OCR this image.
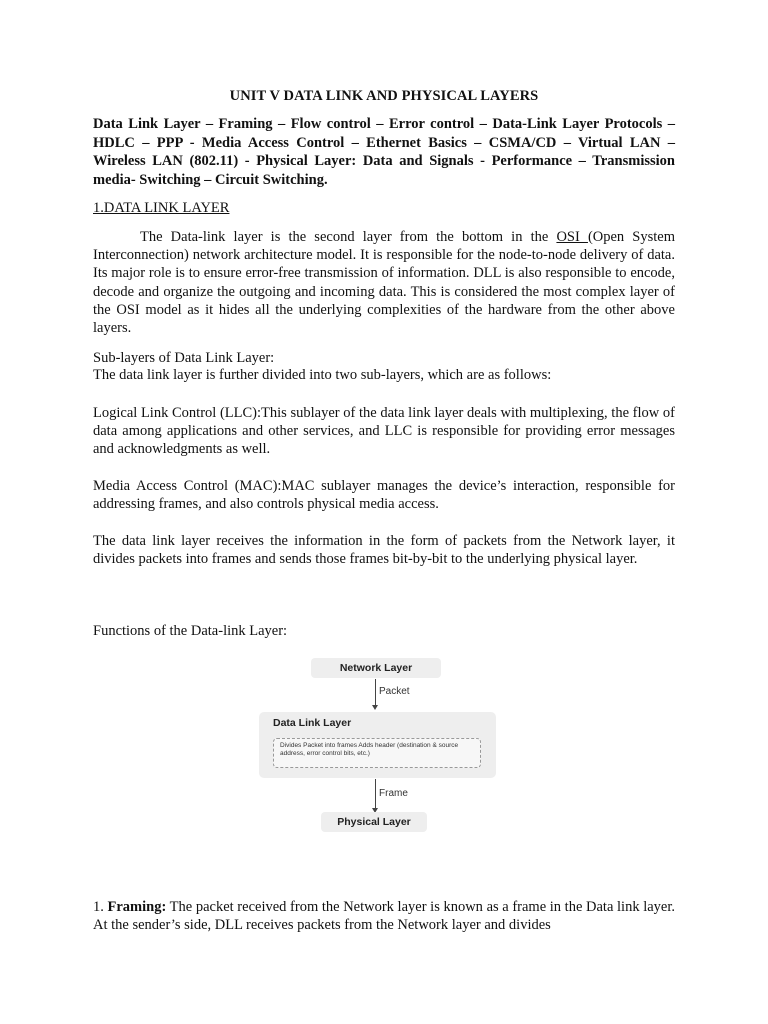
UNIT V DATA LINK AND PHYSICAL LAYERS
Data Link Layer – Framing – Flow control – Error control – Data-Link Layer Protocols – HDLC – PPP - Media Access Control – Ethernet Basics – CSMA/CD – Virtual LAN – Wireless LAN (802.11) - Physical Layer: Data and Signals - Performance – Transmission media- Switching – Circuit Switching.
1.DATA LINK LAYER
The Data-link layer is the second layer from the bottom in the OSI (Open System Interconnection) network architecture model. It is responsible for the node-to-node delivery of data. Its major role is to ensure error-free transmission of information. DLL is also responsible to encode, decode and organize the outgoing and incoming data. This is considered the most complex layer of the OSI model as it hides all the underlying complexities of the hardware from the other above layers.
Sub-layers of Data Link Layer:
The data link layer is further divided into two sub-layers, which are as follows:
Logical Link Control (LLC):This sublayer of the data link layer deals with multiplexing, the flow of data among applications and other services, and LLC is responsible for providing error messages and acknowledgments as well.
Media Access Control (MAC):MAC sublayer manages the device’s interaction, responsible for addressing frames, and also controls physical media access.
The data link layer receives the information in the form of packets from the Network layer, it divides packets into frames and sends those frames bit-by-bit to the underlying physical layer.
Functions of the Data-link Layer:
Network Layer
Packet
Data Link Layer
Divides Packet into frames Adds header (destination & source address, error control bits, etc.)
Frame
Physical Layer
1. Framing: The packet received from the Network layer is known as a frame in the Data link layer. At the sender’s side, DLL receives packets from the Network layer and divides
